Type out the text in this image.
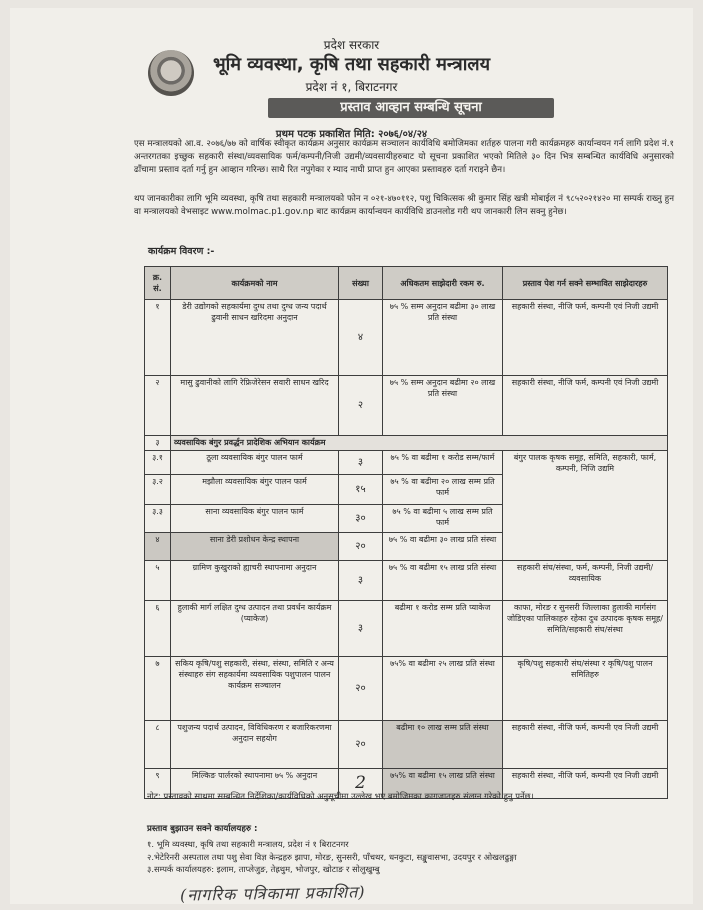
प्रदेश सरकार
भूमि व्यवस्था, कृषि तथा सहकारी मन्त्रालय
प्रदेश नं १, बिराटनगर
प्रस्ताव आव्हान सम्बन्धि सूचना
प्रथम पटक प्रकाशित मिति: २०७६/०४/२४

एस मन्त्रालयको आ.व. २०७६/७७ को वार्षिक स्वीकृत कार्यक्रम अनुसार कार्यक्रम सञ्चालन कार्यविधि बमोजिमका शर्तहरु पालना गरी कार्यक्रमहरु कार्यान्वयन गर्न लागि प्रदेश नं.१ अन्तरगतका इच्छुक सहकारी संस्था/व्यवसायिक फर्म/कम्पनी/निजी उद्यमी/व्यवसायीहरुबाट यो सूचना प्रकाशित भएको मितिले ३० दिन भित्र सम्बन्धित कार्यविधि अनुसारको ढाँचामा प्रस्ताव दर्ता गर्नु हुन आव्हान गरिन्छ। साथै रित नपुगेका र म्याद नाघी प्राप्त हुन आएका प्रस्तावहरु दर्ता गराइने छैन।

थप जानकारीका लागि भूमि व्यवस्था, कृषि तथा सहकारी मन्त्रालयको फोन न ०२१-४७०११२, पशु चिकित्सक श्री कुमार सिंह खत्री मोबाईल नं ९८५२०२१४२० मा सम्पर्क राख्नु हुन वा मन्त्रालयको वेभसाइट www.molmac.p1.gov.np बाट कार्यक्रम कार्यान्वयन कार्यविधि डाउनलोड गरी थप जानकारी लिन सक्नु हुनेछ।

कार्यक्रम विवरण :-
क्र. सं.	कार्यक्रमको नाम	संख्या	अधिकतम साझेदारी रकम रु.	प्रस्ताव पेश गर्न सक्ने सम्भावित साझेदारहरु
१	डेरी उद्योगको सहकार्यमा दुग्ध तथा दुग्ध जन्य पदार्थ ढुवानी साधन खरिदमा अनुदान	४	७५ % सम्म अनुदान बढीमा ३० लाख प्रति संस्था	सहकारी संस्था, नीजि फर्म, कम्पनी एवं निजी उद्यमी
२	मासु ढुवानीको लागि रेफ्रिजेरेसन सवारी साधन खरिद	२	७५ % सम्म अनुदान बढीमा २० लाख प्रति संस्था	सहकारी संस्था, नीजि फर्म, कम्पनी एवं निजी उद्यमी
३	व्यवसायिक बंगुर प्रवर्द्धन प्रादेशिक अभियान कार्यक्रम			
३.१	ठूला व्यवसायिक बंगुर पालन फार्म	३	७५ % वा बढीमा १ करोड सम्म/फार्म	बंगुर पालक कृषक समूह, समिति, सहकारी, फार्म, कम्पनी, निजि उद्यमि
३.२	मझौला व्यवसायिक बंगुर पालन फार्म	१५	७५ % वा बढीमा २० लाख सम्म प्रति फार्म	
३.३	साना व्यवसायिक बंगुर पालन फार्म	३०	७५ % वा बढीमा ५ लाख सम्म प्रति फार्म	
४	साना डेरी प्रशोधन केन्द्र स्थापना	२०	७५ % वा बढीमा ३० लाख प्रति संस्था	
५	ग्रामिण कुखुराको ह्याचरी स्थापनामा अनुदान	३	७५ % वा बढीमा १५ लाख प्रति संस्था	सहकारी संघ/संस्था, फर्म, कम्पनी, निजी उद्यमी/व्यवसायिक
६	हुलाकी मार्ग लक्षित दुग्ध उत्पादन तथा प्रवर्धन कार्यक्रम (प्याकेज)	३	बढीमा १ करोड सम्म प्रति प्याकेज	काफा, मोरङ र सुनसरी जिल्लाका हुलाकी मार्गसंग जोडिएका पालिकाहरु रहेका दुध उत्पादक कृषक समूह/समिति/सहकारी संघ/संस्था
७	सकिय कृषि/पशु सहकारी, संस्था, संस्था, समिति र अन्य संस्थाहरु संग सहकार्यमा व्यवसायिक पशुपालन पालन कार्यक्रम सञ्चालन	२०	७५% वा बढीमा २५ लाख प्रति संस्था	कृषि/पशु सहकारी संघ/संस्था र कृषि/पशु पालन समितिहरु
८	पशुजन्य पदार्थ उत्पादन, विविधिकरण र बजारिकरणमा अनुदान सहयोग	२०	बढीमा १० लाख सम्म प्रति संस्था	सहकारी संस्था, नीजि फर्म, कम्पनी एव निजी उद्यमी
९	मिल्किङ पार्लरको स्थापनामा ७५ % अनुदान	2	७५% वा बढीमा १५ लाख प्रति संस्था	सहकारी संस्था, नीजि फर्म, कम्पनी एव निजी उद्यमी

नोट: प्रस्तावको साथमा सम्बन्धित निर्देशिका/कार्यविधिको अनुसूचीमा उल्लेख भए बमोजिमका कागजातहरु संलग्न गरेको हुनु पर्नेछ।

प्रस्ताव बुझाउन सक्ने कार्यालयहरु :
१. भूमि व्यवस्था, कृषि तथा सहकारी मन्त्रालय, प्रदेश नं १ बिराटनगर
२.भेटेरिनरी अस्पताल तथा पशु सेवा विज्ञ केन्द्रहरु झापा, मोरङ, सुनसरी, पाँचथर, धनकुटा, सङ्खुवासभा, उदयपुर र ओखलढुङ्गा
३.सम्पर्क कार्यालयहरु: इलाम, ताप्लेजुङ, तेह्रथुम, भोजपुर, खोटाङ र सोलुखुम्बु
(नागरिक पत्रिकामा प्रकाशित)
